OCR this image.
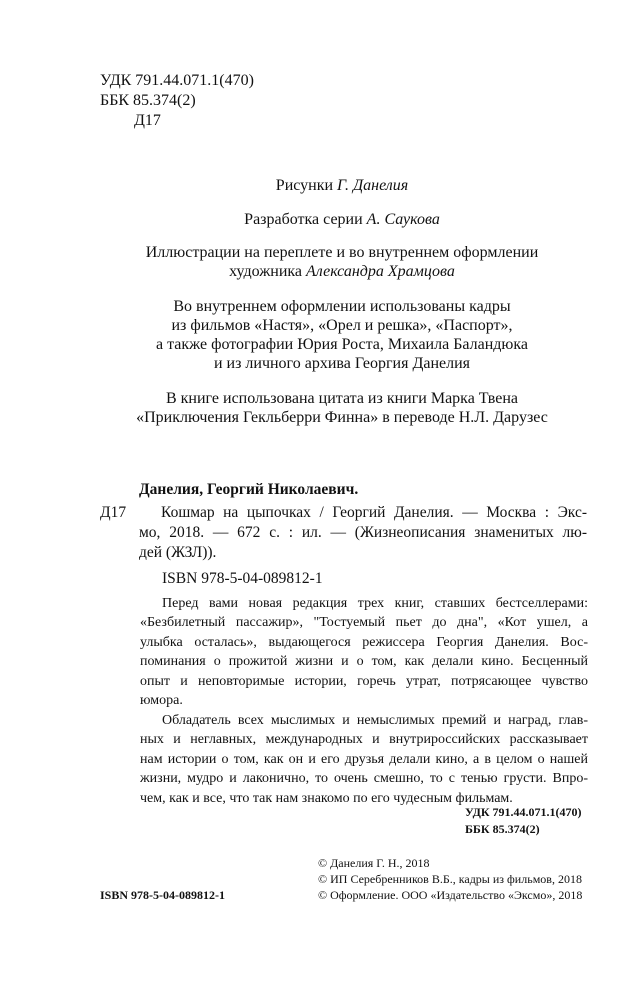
УДК 791.44.071.1(470)
ББК 85.374(2)
Д17
Рисунки Г. Данелия
Разработка серии А. Саукова
Иллюстрации на переплете и во внутреннем оформлении
художника Александра Храмцова
Во внутреннем оформлении использованы кадры
из фильмов «Настя», «Орел и решка», «Паспорт»,
а также фотографии Юрия Роста, Михаила Баландюка
и из личного архива Георгия Данелия
В книге использована цитата из книги Марка Твена
«Приключения Гекльберри Финна» в переводе Н.Л. Дарузес
Данелия, Георгий Николаевич.
Д17	Кошмар на цыпочках / Георгий Данелия. — Москва : Экс-
мо, 2018. — 672 с. : ил. — (Жизнеописания знаменитых лю-
дей (ЖЗЛ)).
ISBN 978-5-04-089812-1
Перед вами новая редакция трех книг, ставших бестселлерами:
«Безбилетный пассажир», "Тостуемый пьет до дна", «Кот ушел, а
улыбка осталась», выдающегося режиссера Георгия Данелия. Вос-
поминания о прожитой жизни и о том, как делали кино. Бесценный
опыт и неповторимые истории, горечь утрат, потрясающее чувство
юмора.
Обладатель всех мыслимых и немыслимых премий и наград, глав-
ных и неглавных, международных и внутрироссийских рассказывает
нам истории о том, как он и его друзья делали кино, а в целом о нашей
жизни, мудро и лаконично, то очень смешно, то с тенью грусти. Впро-
чем, как и все, что так нам знакомо по его чудесным фильмам.
УДК 791.44.071.1(470)
ББК 85.374(2)
© Данелия Г. Н., 2018
© ИП Серебренников В.Б., кадры из фильмов, 2018
ISBN 978-5-04-089812-1	© Оформление. ООО «Издательство «Эксмо», 2018
